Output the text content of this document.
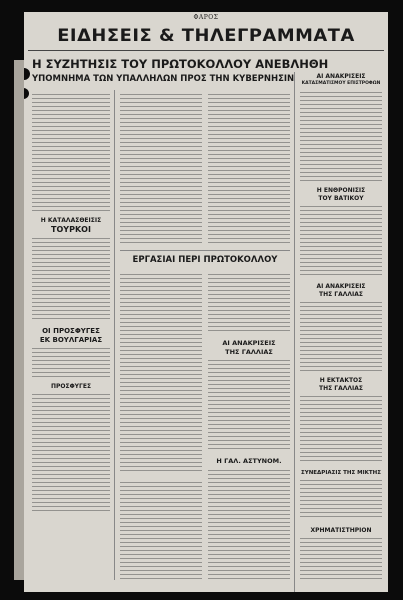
ΦΑΡΟΣ
ΕΙΔΗΣΕΙΣ & ΤΗΛΕΓΡΑΜΜΑΤΑ
Η ΣΥΖΗΤΗΣΙΣ ΤΟΥ ΠΡΩΤΟΚΟΛΛΟΥ ΑΝΕΒΛΗΘΗ
ΥΠΟΜΝΗΜΑ ΤΩΝ ΥΠΑΛΛΗΛΩΝ ΠΡΟΣ ΤΗΝ ΚΥΒΕΡΝΗΣΙΝ
Η ΚΑΤΑΛΑΣΘΕΙΣΙΣ
ΤΟΥΡΚΟΙ
ΟΙ ΠΡΟΣΦΥΓΕΣ
ΕΚ ΒΟΥΛΓΑΡΙΑΣ
ΠΡΟΣΦΥΓΕΣ
ΕΡΓΑΣΙΑΙ ΠΕΡΙ ΠΡΩΤΟΚΟΛΛΟΥ
ΑΙ ΑΝΑΚΡΙΣΕΙΣ
ΤΗΣ ΓΑΛΛΙΑΣ
Η ΓΑΛ. ΑΣΤΥΝΟΜ.
ΑΙ ΑΝΑΚΡΙΣΕΙΣ
ΚΑΤΑΣΜΑΤΙΣΜΟΥ ΕΠΙΣΤΡΟΦΩΝ
Η ΕΝΘΡΟΝΙΣΙΣ
ΤΟΥ ΒΑΤΙΚΟΥ
ΑΙ ΑΝΑΚΡΙΣΕΙΣ
ΤΗΣ ΓΑΛΛΙΑΣ
Η ΕΚΤΑΚΤΟΣ
ΤΗΣ ΓΑΛΛΙΑΣ
ΣΥΝΕΔΡΙΑΣΙΣ ΤΗΣ ΜΙΚΤΗΣ
ΧΡΗΜΑΤΙΣΤΗΡΙΟΝ
